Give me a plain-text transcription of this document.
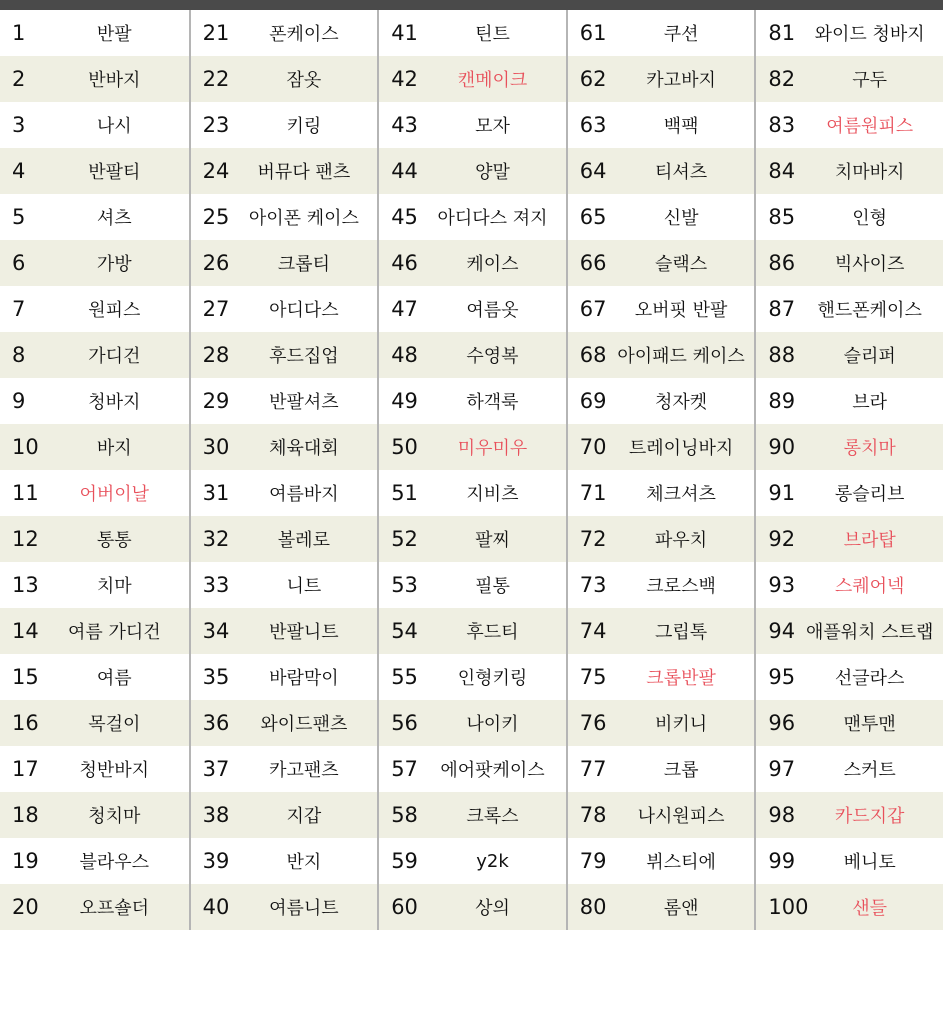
1	반팔
2	반바지
3	나시
4	반팔티
5	셔츠
6	가방
7	원피스
8	가디건
9	청바지
10	바지
11	어버이날
12	통통
13	치마
14	여름 가디건
15	여름
16	목걸이
17	청반바지
18	청치마
19	블라우스
20	오프숄더
21	폰케이스
22	잠옷
23	키링
24	버뮤다 팬츠
25	아이폰 케이스
26	크롭티
27	아디다스
28	후드집업
29	반팔셔츠
30	체육대회
31	여름바지
32	볼레로
33	니트
34	반팔니트
35	바람막이
36	와이드팬츠
37	카고팬츠
38	지갑
39	반지
40	여름니트
41	틴트
42	캔메이크
43	모자
44	양말
45	아디다스 져지
46	케이스
47	여름옷
48	수영복
49	하객룩
50	미우미우
51	지비츠
52	팔찌
53	필통
54	후드티
55	인형키링
56	나이키
57	에어팟케이스
58	크록스
59	y2k
60	상의
61	쿠션
62	카고바지
63	백팩
64	티셔츠
65	신발
66	슬랙스
67	오버핏 반팔
68 아이패드 케이스
69	청자켓
70	트레이닝바지
71	체크셔츠
72	파우치
73	크로스백
74	그립톡
75	크롭반팔
76	비키니
77	크롭
78	나시원피스
79	뷔스티에
80	롬앤
81	와이드 청바지
82	구두
83	여름원피스
84	치마바지
85	인형
86	빅사이즈
87	핸드폰케이스
88	슬리퍼
89	브라
90	롱치마
91	롱슬리브
92	브라탑
93	스퀘어넥
94 애플워치 스트랩
95	선글라스
96	맨투맨
97	스커트
98	카드지갑
99	베니토
100	샌들
